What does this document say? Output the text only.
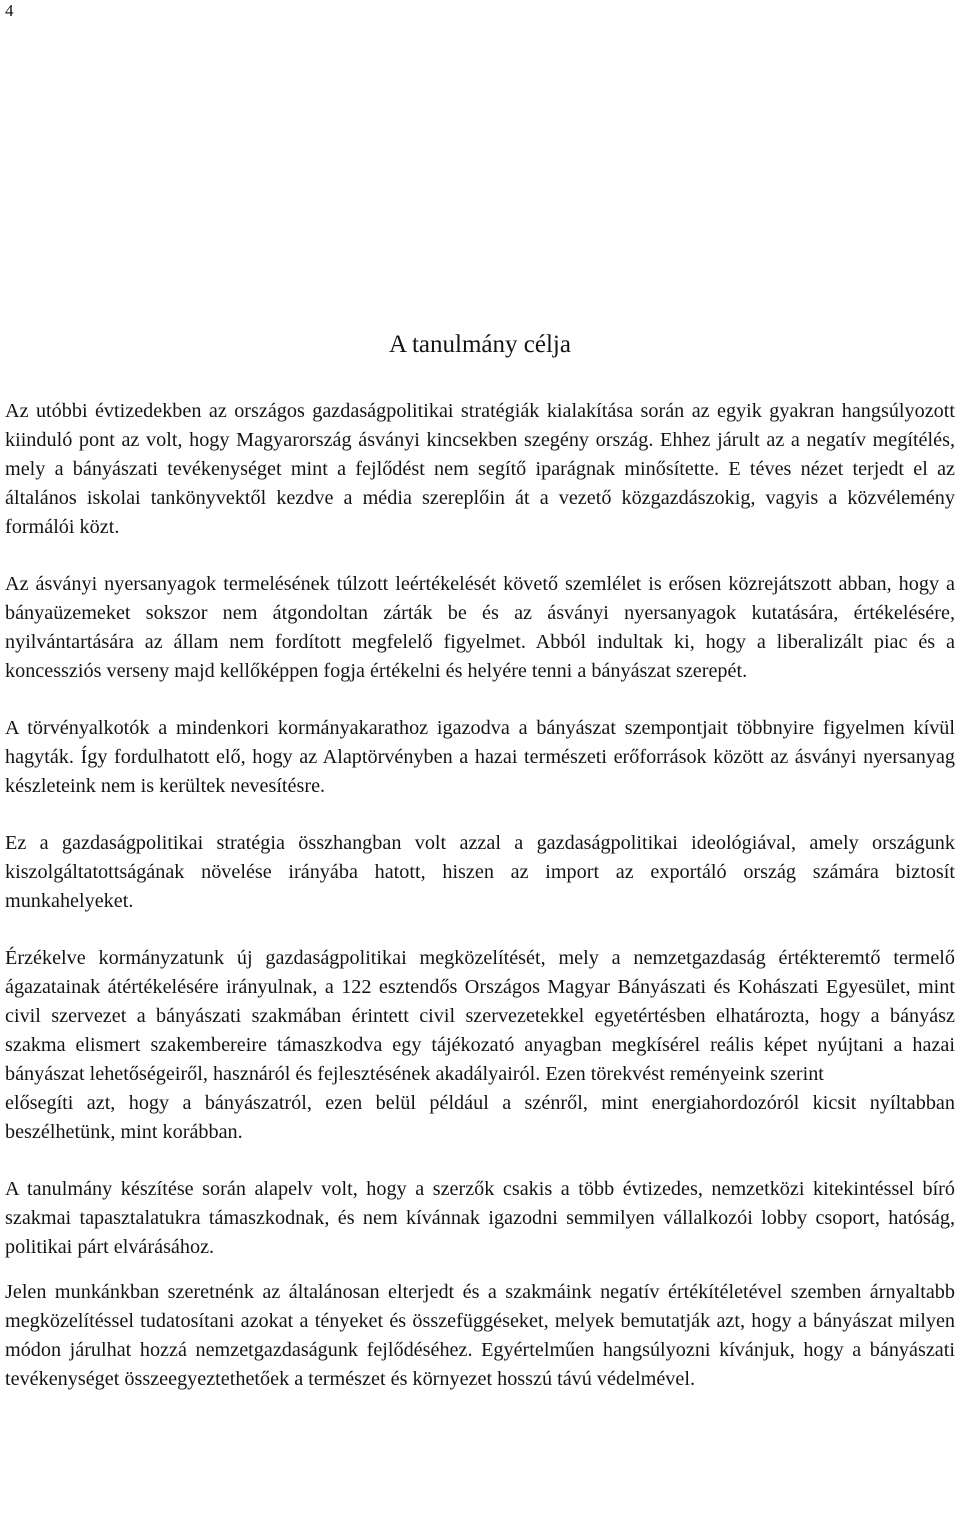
4
A tanulmány célja

Az utóbbi évtizedekben az országos gazdaságpolitikai stratégiák kialakítása során az egyik gyakran hangsúlyozott kiinduló pont az volt, hogy Magyarország ásványi kincsekben szegény ország. Ehhez járult az a negatív megítélés, mely a bányászati tevékenységet mint a fejlődést nem segítő iparágnak minősítette. E téves nézet terjedt el az általános iskolai tankönyvektől kezdve a média szereplőin át a vezető közgazdászokig, vagyis a közvélemény formálói közt.

Az ásványi nyersanyagok termelésének túlzott leértékelését követő szemlélet is erősen közrejátszott abban, hogy a bányaüzemeket sokszor nem átgondoltan zárták be és az ásványi nyersanyagok kutatására, értékelésére, nyilvántartására az állam nem fordított megfelelő figyelmet. Abból indultak ki, hogy a liberalizált piac és a koncessziós verseny majd kellőképpen fogja értékelni és helyére tenni a bányászat szerepét.

A törvényalkotók a mindenkori kormányakarathoz igazodva a bányászat szempontjait többnyire figyelmen kívül hagyták. Így fordulhatott elő, hogy az Alaptörvényben a hazai természeti erőforrások között az ásványi nyersanyag készleteink nem is kerültek nevesítésre.

Ez a gazdaságpolitikai stratégia összhangban volt azzal a gazdaságpolitikai ideológiával, amely országunk kiszolgáltatottságának növelése irányába hatott, hiszen az import az exportáló ország számára biztosít munkahelyeket.

Érzékelve kormányzatunk új gazdaságpolitikai megközelítését, mely a nemzetgazdaság értékteremtő termelő ágazatainak átértékelésére irányulnak, a 122 esztendős Országos Magyar Bányászati és Kohászati Egyesület, mint civil szervezet a bányászati szakmában érintett civil szervezetekkel egyetértésben elhatározta, hogy a bányász szakma elismert szakembereire támaszkodva egy tájékozató anyagban megkísérel reális képet nyújtani a hazai bányászat lehetőségeiről, hasznáról és fejlesztésének akadályairól. Ezen törekvést reményeink szerint

elősegíti azt, hogy a bányászatról, ezen belül például a szénről, mint energiahordozóról kicsit nyíltabban beszélhetünk, mint korábban.

A tanulmány készítése során alapelv volt, hogy a szerzők csakis a több évtizedes, nemzetközi kitekintéssel bíró szakmai tapasztalatukra támaszkodnak, és nem kívánnak igazodni semmilyen vállalkozói lobby csoport, hatóság, politikai párt elvárásához.

Jelen munkánkban szeretnénk az általánosan elterjedt és a szakmáink negatív értékítéletével szemben árnyaltabb megközelítéssel tudatosítani azokat a tényeket és összefüggéseket, melyek bemutatják azt, hogy a bányászat milyen módon járulhat hozzá nemzetgazdaságunk fejlődéséhez. Egyértelműen hangsúlyozni kívánjuk, hogy a bányászati tevékenységet összeegyeztethetőek a természet és környezet hosszú távú védelmével.
